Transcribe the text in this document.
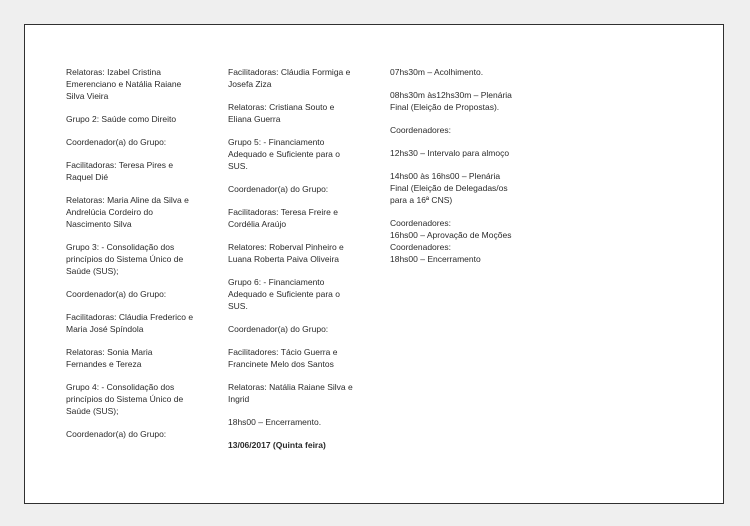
Relatoras: Izabel Cristina
Emerenciano e Natália Raiane
Silva Vieira

Grupo 2: Saúde como Direito

Coordenador(a) do Grupo:

Facilitadoras: Teresa Pires e
Raquel Dié

Relatoras: Maria Aline da Silva e
Andrelúcia Cordeiro do
Nascimento Silva

Grupo 3: - Consolidação dos
princípios do Sistema Único de
Saúde (SUS);

Coordenador(a) do Grupo:

Facilitadoras: Cláudia Frederico e
Maria José Spíndola

Relatoras: Sonia Maria
Fernandes e Tereza

Grupo 4: - Consolidação dos
princípios do Sistema Único de
Saúde (SUS);

Coordenador(a) do Grupo:

Facilitadoras: Cláudia Formiga e
Josefa Ziza

Relatoras: Cristiana Souto e
Eliana Guerra

Grupo 5: - Financiamento
Adequado e Suficiente para o
SUS.

Coordenador(a) do Grupo:

Facilitadoras: Teresa Freire e
Cordélia Araújo

Relatores: Roberval Pinheiro e
Luana Roberta Paiva Oliveira

Grupo 6: - Financiamento
Adequado e Suficiente para o
SUS.

Coordenador(a) do Grupo:

Facilitadores: Tácio Guerra e
Francinete Melo dos Santos

Relatoras: Natália Raiane Silva e
Ingrid

18hs00 – Encerramento.

13/06/2017 (Quinta feira)

07hs30m – Acolhimento.

08hs30m às12hs30m – Plenária
Final (Eleição de Propostas).

Coordenadores:

12hs30 – Intervalo para almoço

14hs00 às 16hs00 – Plenária
Final (Eleição de Delegadas/os
para a 16ª CNS)

Coordenadores:

16hs00 – Aprovação de Moções

Coordenadores:

18hs00 – Encerramento
